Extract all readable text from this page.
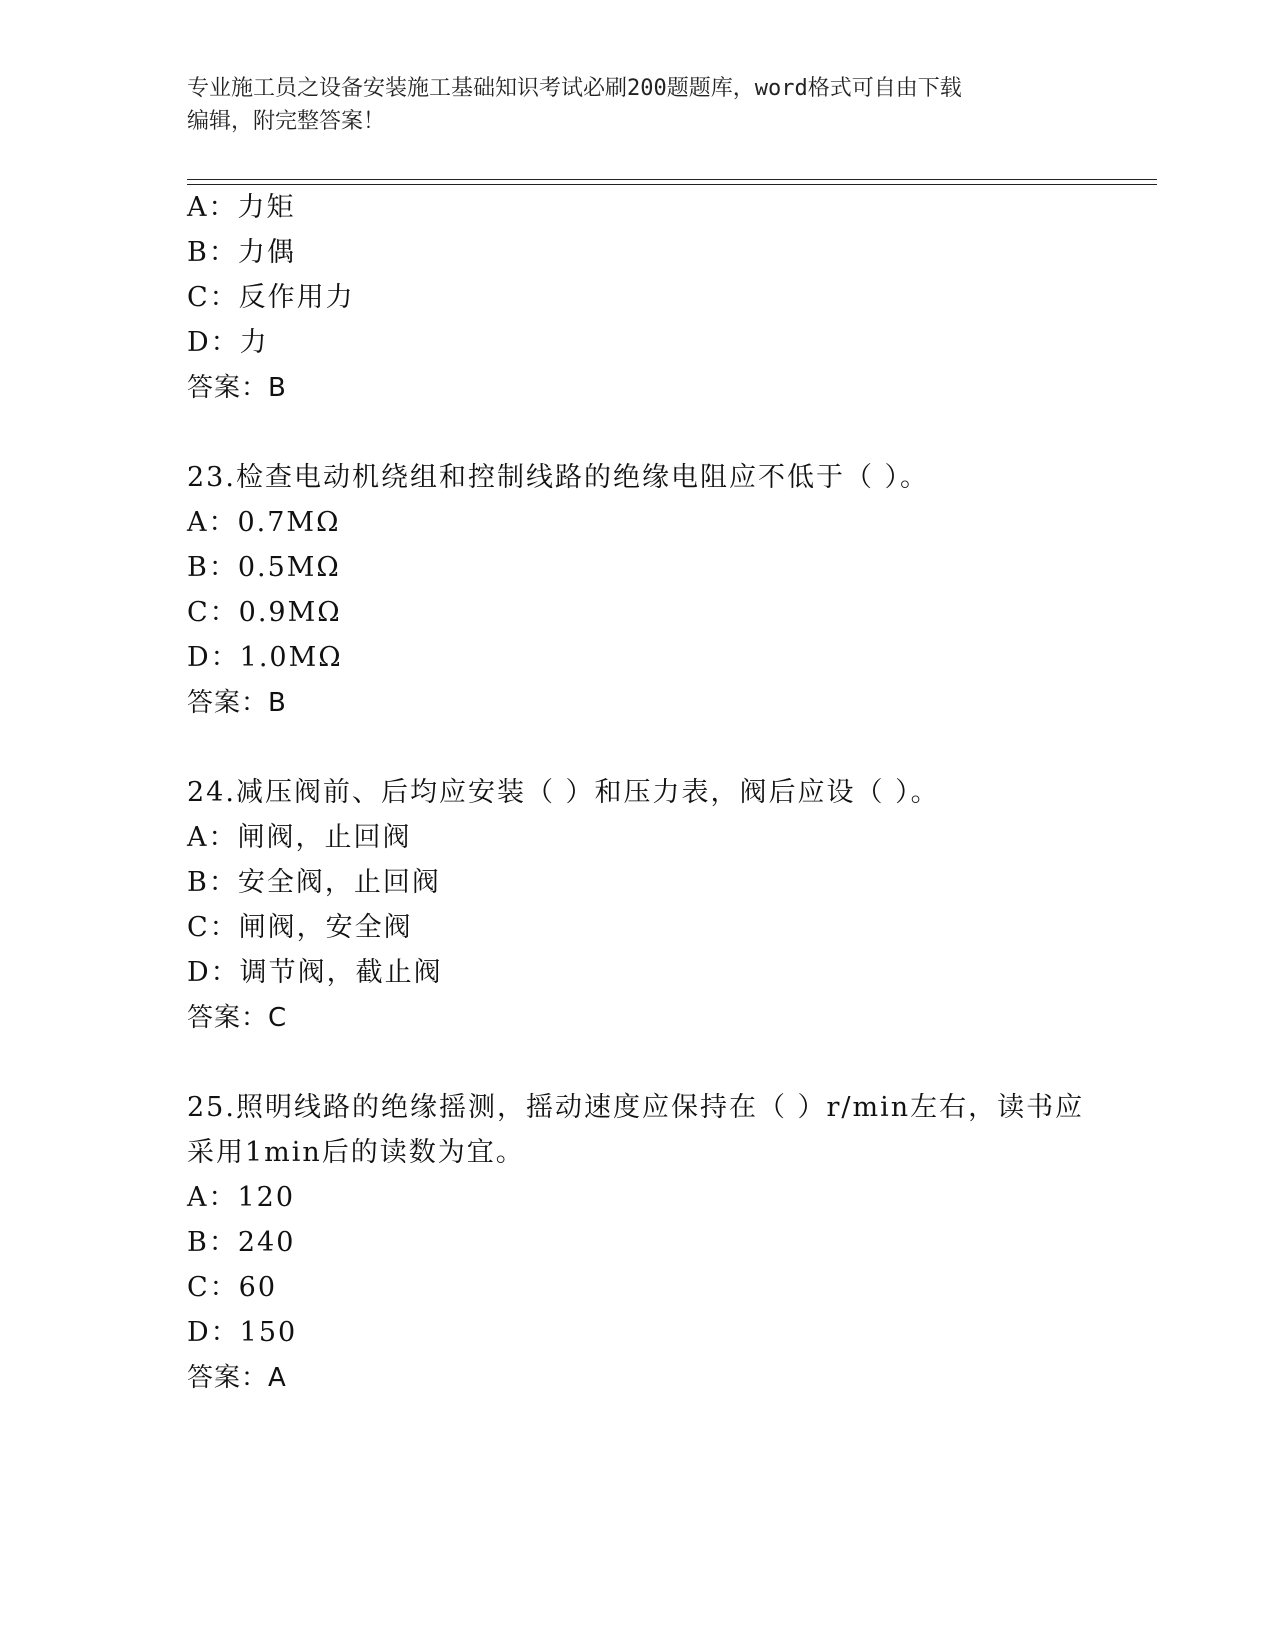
专业施工员之设备安装施工基础知识考试必刷200题题库，word格式可自由下载
编辑，附完整答案！
A：力矩
B：力偶
C：反作用力
D：力
答案：B
23.检查电动机绕组和控制线路的绝缘电阻应不低于（ ）。
A：0.7MΩ
B：0.5MΩ
C：0.9MΩ
D：1.0MΩ
答案：B
24.减压阀前、后均应安装（ ）和压力表，阀后应设（ ）。
A：闸阀，止回阀
B：安全阀，止回阀
C：闸阀，安全阀
D：调节阀，截止阀
答案：C
25.照明线路的绝缘摇测，摇动速度应保持在（ ）r/min左右，读书应
采用1min后的读数为宜。
A：120
B：240
C：60
D：150
答案：A
